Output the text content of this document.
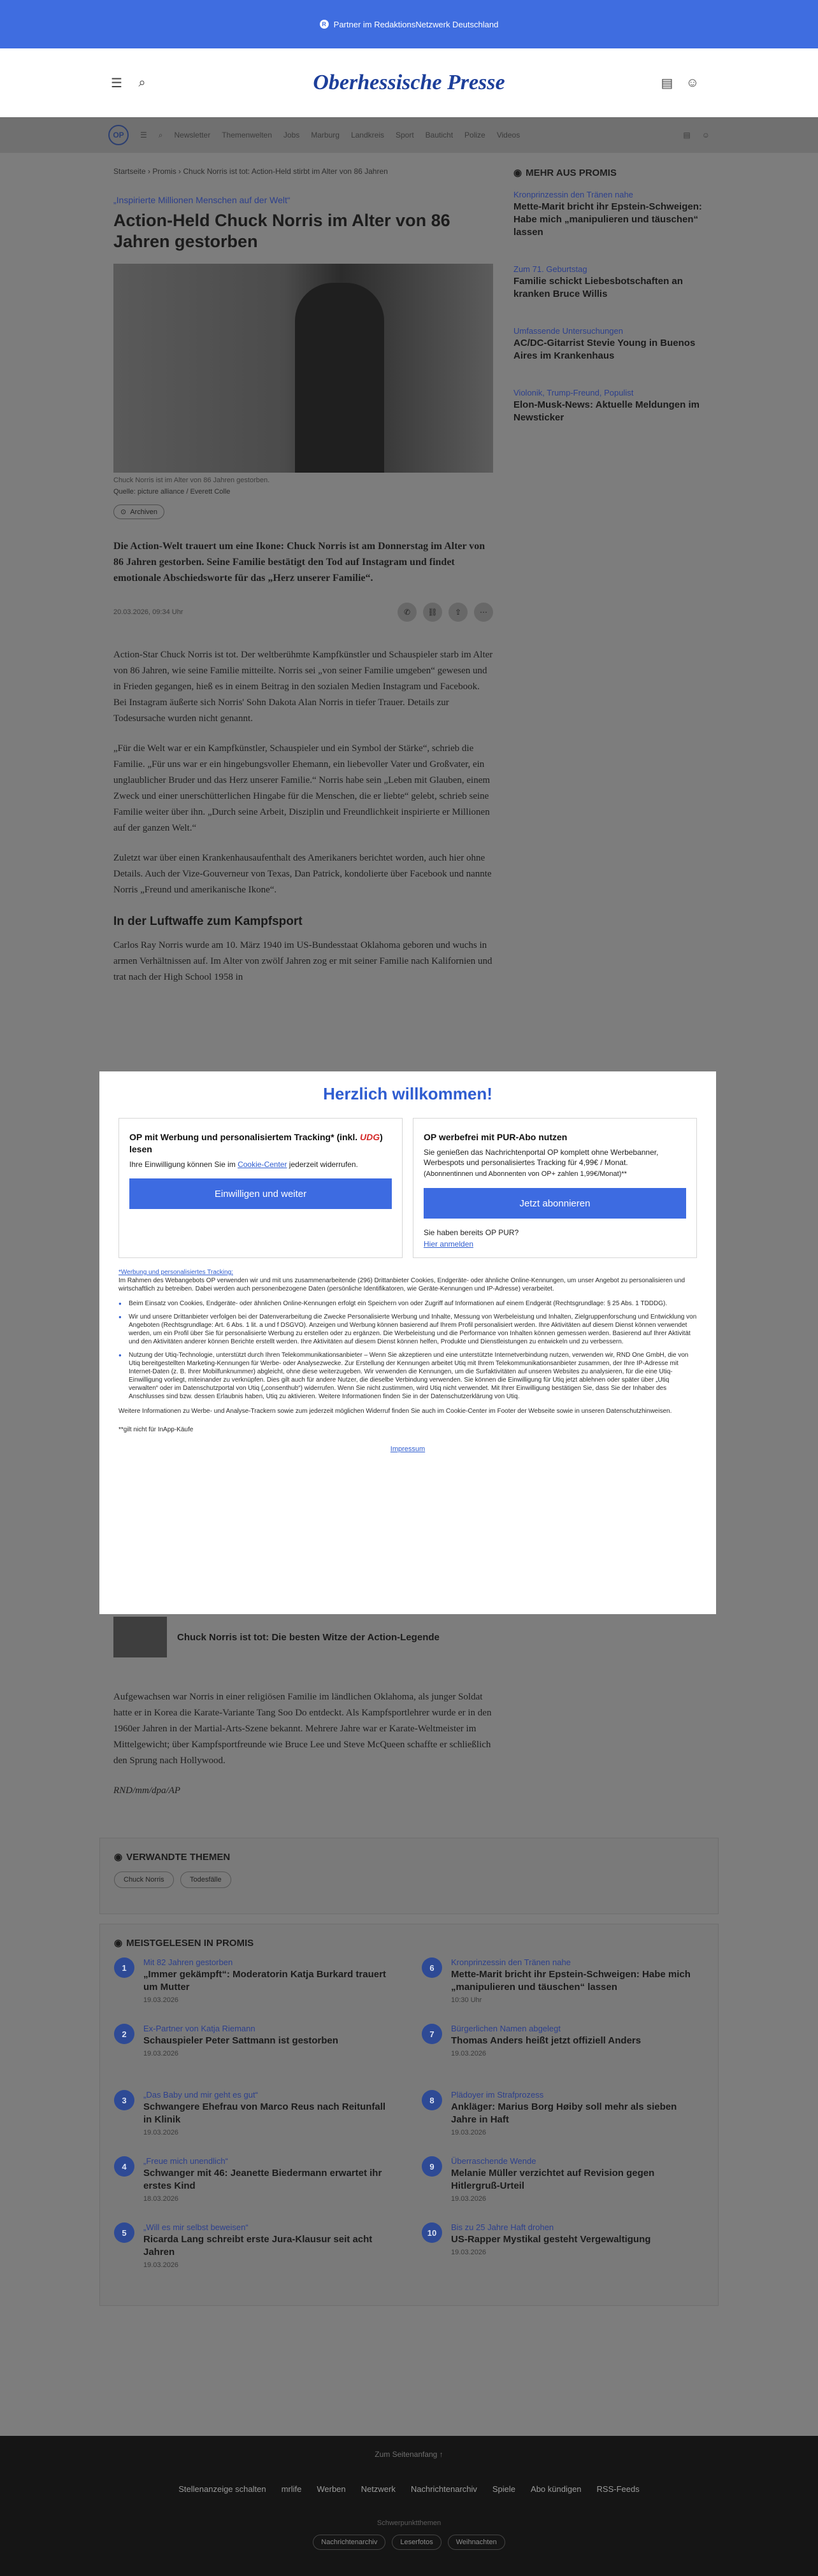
R Partner im RedaktionsNetzwerk Deutschland
☰	⌕	Oberhessische Presse	▤ ☺
OP	☰ ⌕ Newsletter Themenwelten Jobs Marburg Landkreis Sport Bauticht Polize Videos	▤ ☺
Startseite › Promis › Chuck Norris ist tot: Action-Held stirbt im Alter von 86 Jahren
„Inspirierte Millionen Menschen auf der Welt“
Action-Held Chuck Norris im Alter von 86 Jahren gestorben
Chuck Norris ist im Alter von 86 Jahren gestorben.
Quelle: picture alliance / Everett Colle
⊙ Archiven

Die Action-Welt trauert um eine Ikone: Chuck Norris ist am Donnerstag im Alter von 86 Jahren gestorben. Seine Familie bestätigt den Tod auf Instagram und findet emotionale Abschiedsworte für das „Herz unserer Familie“.

20.03.2026, 09:34 Uhr	✆	⛓	⇪	⋯

Action-Star Chuck Norris ist tot. Der weltberühmte Kampfkünstler und Schauspieler starb im Alter von 86 Jahren, wie seine Familie mitteilte. Norris sei „von seiner Familie umgeben“ gewesen und in Frieden gegangen, hieß es in einem Beitrag in den sozialen Medien Instagram und Facebook. Bei Instagram äußerte sich Norris' Sohn Dakota Alan Norris in tiefer Trauer. Details zur Todesursache wurden nicht genannt.

„Für die Welt war er ein Kampfkünstler, Schauspieler und ein Symbol der Stärke“, schrieb die Familie. „Für uns war er ein hingebungsvoller Ehemann, ein liebevoller Vater und Großvater, ein unglaublicher Bruder und das Herz unserer Familie.“ Norris habe sein „Leben mit Glauben, einem Zweck und einer unerschütterlichen Hingabe für die Menschen, die er liebte“ gelebt, schrieb seine Familie weiter über ihn. „Durch seine Arbeit, Disziplin und Freundlichkeit inspirierte er Millionen auf der ganzen Welt.“

Zuletzt war über einen Krankenhausaufenthalt des Amerikaners berichtet worden, auch hier ohne Details. Auch der Vize-Gouverneur von Texas, Dan Patrick, kondolierte über Facebook und nannte Norris „Freund und amerikanische Ikone“.

In der Luftwaffe zum Kampfsport

Carlos Ray Norris wurde am 10. März 1940 im US-Bundesstaat Oklahoma geboren und wuchs in armen Verhältnissen auf. Im Alter von zwölf Jahren zog er mit seiner Familie nach Kalifornien und trat nach der High School 1958 in

◉ MEHR AUS PROMIS
Kronprinzessin den Tränen nahe
Mette-Marit bricht ihr Epstein-Schweigen: Habe mich „manipulieren und täuschen“ lassen
Zum 71. Geburtstag
Familie schickt Liebesbotschaften an kranken Bruce Willis
Umfassende Untersuchungen
AC/DC-Gitarrist Stevie Young in Buenos Aires im Krankenhaus
Violonik, Trump-Freund, Populist
Elon-Musk-News: Aktuelle Meldungen im Newsticker
Herzlich willkommen!
OP mit Werbung und personalisiertem Tracking* (inkl. UDG) lesen

Ihre Einwilligung können Sie im Cookie-Center jederzeit widerrufen.

Einwilligen und weiter
OP werbefrei mit PUR-Abo nutzen

Sie genießen das Nachrichtenportal OP komplett ohne Werbebanner, Werbespots und personalisiertes Tracking für 4,99€ / Monat.

(Abonnentinnen und Abonnenten von OP+ zahlen 1,99€/Monat)**

Jetzt abonnieren

Sie haben bereits OP PUR?

Hier anmelden

*Werbung und personalisiertes Tracking:
Im Rahmen des Webangebots OP verwenden wir und mit uns zusammenarbeitende (296) Drittanbieter Cookies, Endgeräte- oder ähnliche Online-Kennungen, um unser Angebot zu personalisieren und wirtschaftlich zu betreiben. Dabei werden auch personenbezogene Daten (persönliche Identifikatoren, wie Geräte-Kennungen und IP-Adresse) verarbeitet.
● Beim Einsatz von Cookies, Endgeräte- oder ähnlichen Online-Kennungen erfolgt ein Speichern von oder Zugriff auf Informationen auf einem Endgerät (Rechtsgrundlage: § 25 Abs. 1 TDDDG).
● Wir und unsere Drittanbieter verfolgen bei der Datenverarbeitung die Zwecke Personalisierte Werbung und Inhalte, Messung von Werbeleistung und Inhalten, Zielgruppenforschung und Entwicklung von Angeboten (Rechtsgrundlage: Art. 6 Abs. 1 lit. a und f DSGVO). Anzeigen und Werbung können basierend auf Ihrem Profil personalisiert werden. Ihre Aktivitäten auf diesem Dienst können verwendet werden, um ein Profil über Sie für personalisierte Werbung zu erstellen oder zu ergänzen. Die Werbeleistung und die Performance von Inhalten können gemessen werden. Basierend auf Ihrer Aktivität und den Aktivitäten anderer können Berichte erstellt werden. Ihre Aktivitäten auf diesem Dienst können helfen, Produkte und Dienstleistungen zu entwickeln und zu verbessern.
● Nutzung der Utiq-Technologie, unterstützt durch Ihren Telekommunikationsanbieter – Wenn Sie akzeptieren und eine unterstützte Internetverbindung nutzen, verwenden wir, RND One GmbH, die von Utiq bereitgestellten Marketing-Kennungen für Werbe- oder Analysezwecke. Zur Erstellung der Kennungen arbeitet Utiq mit Ihrem Telekommunikationsanbieter zusammen, der Ihre IP-Adresse mit Internet-Daten (z. B. Ihrer Mobilfunknummer) abgleicht, ohne diese weiterzugeben. Wir verwenden die Kennungen, um die Surfaktivitäten auf unseren Websites zu analysieren, für die eine Utiq-Einwilligung vorliegt, miteinander zu verknüpfen. Dies gilt auch für andere Nutzer, die dieselbe Verbindung verwenden. Sie können die Einwilligung für Utiq jetzt ablehnen oder später über „Utiq verwalten“ oder im Datenschutzportal von Utiq („consenthub“) widerrufen. Wenn Sie nicht zustimmen, wird Utiq nicht verwendet. Mit Ihrer Einwilligung bestätigen Sie, dass Sie der Inhaber des Anschlusses sind bzw. dessen Erlaubnis haben, Utiq zu aktivieren. Weitere Informationen finden Sie in der Datenschutzerklärung von Utiq.
Weitere Informationen zu Werbe- und Analyse-Trackern sowie zum jederzeit möglichen Widerruf finden Sie auch im Cookie-Center im Footer der Webseite sowie in unseren Datenschutzhinweisen.
**gilt nicht für InApp-Käufe
Impressum
Chuck Norris ist tot: Die besten Witze der Action-Legende

Aufgewachsen war Norris in einer religiösen Familie im ländlichen Oklahoma, als junger Soldat hatte er in Korea die Karate-Variante Tang Soo Do entdeckt. Als Kampfsportlehrer wurde er in den 1960er Jahren in der Martial-Arts-Szene bekannt. Mehrere Jahre war er Karate-Weltmeister im Mittelgewicht; über Kampfsportfreunde wie Bruce Lee und Steve McQueen schaffte er schließlich den Sprung nach Hollywood.

RND/mm/dpa/AP

◉ VERWANDTE THEMEN
Chuck Norris	Todesfälle
◉ MEISTGELESEN IN PROMIS
1
Mit 82 Jahren gestorben
„Immer gekämpft“: Moderatorin Katja Burkard trauert um Mutter
19.03.2026
6
Kronprinzessin den Tränen nahe
Mette-Marit bricht ihr Epstein-Schweigen: Habe mich „manipulieren und täuschen“ lassen
10:30 Uhr
2
Ex-Partner von Katja Riemann
Schauspieler Peter Sattmann ist gestorben
19.03.2026
7
Bürgerlichen Namen abgelegt
Thomas Anders heißt jetzt offiziell Anders
19.03.2026
3
„Das Baby und mir geht es gut“
Schwangere Ehefrau von Marco Reus nach Reitunfall in Klinik
19.03.2026
8
Plädoyer im Strafprozess
Ankläger: Marius Borg Høiby soll mehr als sieben Jahre in Haft
19.03.2026
4
„Freue mich unendlich“
Schwanger mit 46: Jeanette Biedermann erwartet ihr erstes Kind
18.03.2026
9
Überraschende Wende
Melanie Müller verzichtet auf Revision gegen Hitlergruß-Urteil
19.03.2026
5
„Will es mir selbst beweisen“
Ricarda Lang schreibt erste Jura-Klausur seit acht Jahren
19.03.2026
10
Bis zu 25 Jahre Haft drohen
US-Rapper Mystikal gesteht Vergewaltigung
19.03.2026
Zum Seitenanfang ↑
Stellenanzeige schalten mrlife Werben Netzwerk Nachrichtenarchiv Spiele Abo kündigen RSS-Feeds
Schwerpunktthemen
Nachrichtenarchiv	Leserfotos	Weihnachten
